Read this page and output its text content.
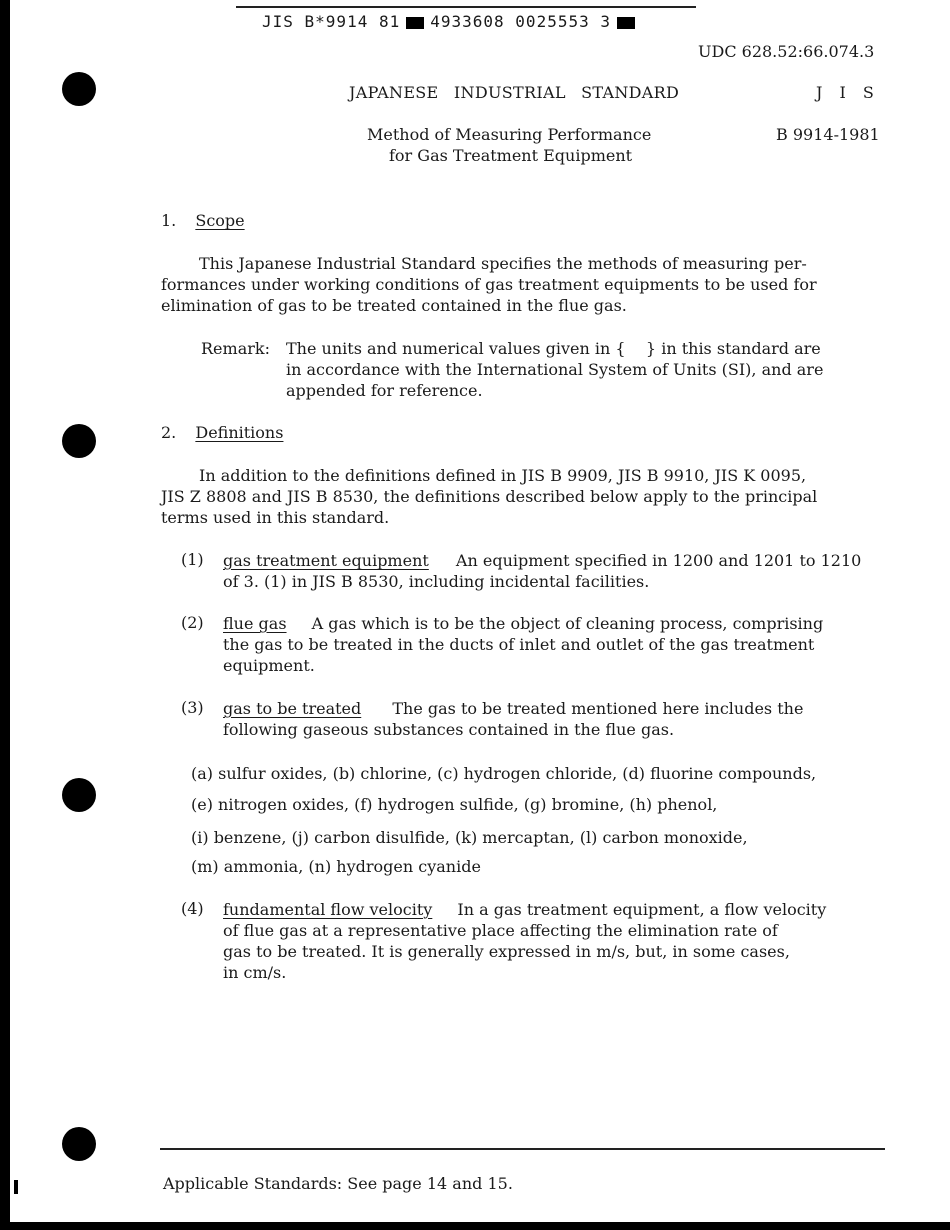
JIS B*9914 81 4933608 0025553 3
UDC 628.52:66.074.3
JAPANESE INDUSTRIAL STANDARD	J I S
Method of Measuring Performance
for Gas Treatment Equipment
B 9914-1981
1. Scope
This Japanese Industrial Standard specifies the methods of measuring per-
formances under working conditions of gas treatment equipments to be used for
elimination of gas to be treated contained in the flue gas.
Remark: The units and numerical values given in {    } in this standard are
in accordance with the International System of Units (SI), and are
appended for reference.
2. Definitions
In addition to the definitions defined in JIS B 9909, JIS B 9910, JIS K 0095,
JIS Z 8808 and JIS B 8530, the definitions described below apply to the principal
terms used in this standard.
(1) gas treatment equipment An equipment specified in 1200 and 1201 to 1210
of 3. (1) in JIS B 8530, including incidental facilities.
(2) flue gas A gas which is to be the object of cleaning process, comprising
the gas to be treated in the ducts of inlet and outlet of the gas treatment
equipment.
(3) gas to be treated The gas to be treated mentioned here includes the
following gaseous substances contained in the flue gas.
(a) sulfur oxides, (b) chlorine, (c) hydrogen chloride, (d) fluorine compounds,
(e) nitrogen oxides, (f) hydrogen sulfide, (g) bromine, (h) phenol,
(i) benzene, (j) carbon disulfide, (k) mercaptan, (l) carbon monoxide,
(m) ammonia, (n) hydrogen cyanide
(4) fundamental flow velocity In a gas treatment equipment, a flow velocity
of flue gas at a representative place affecting the elimination rate of
gas to be treated. It is generally expressed in m/s, but, in some cases,
in cm/s.
Applicable Standards: See page 14 and 15.
